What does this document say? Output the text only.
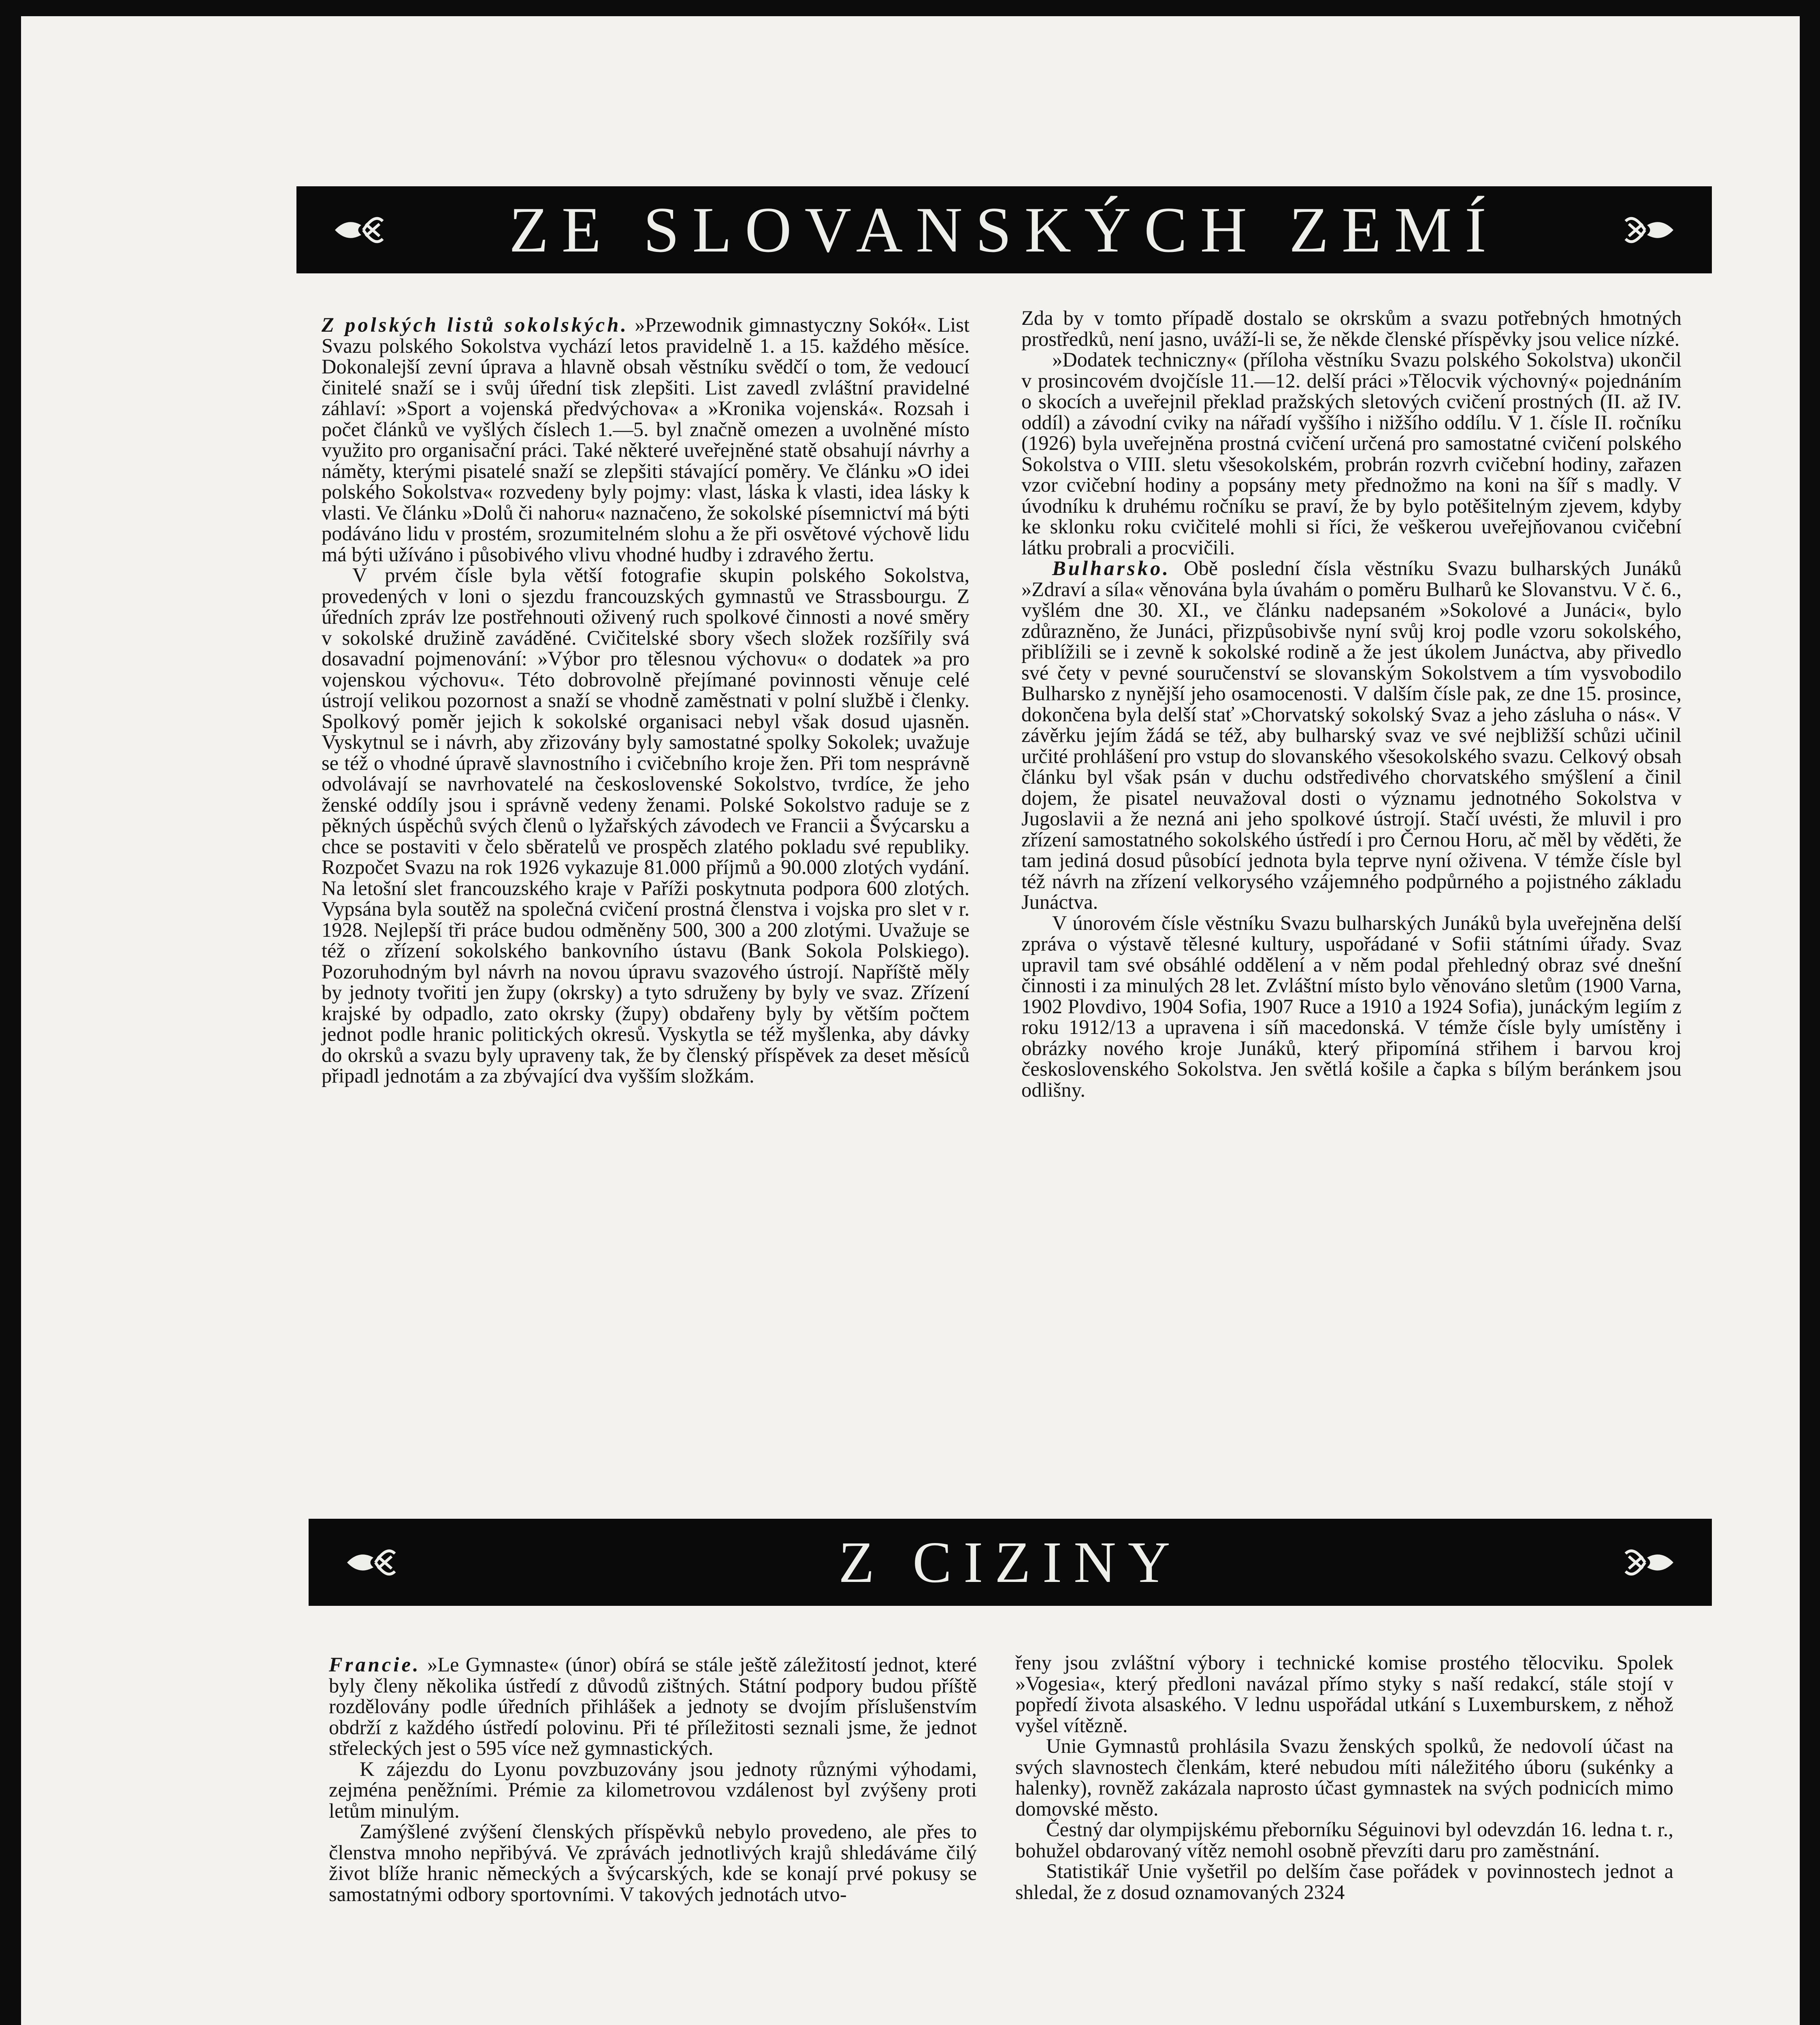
ZE SLOVANSKÝCH ZEMÍ

Z polských listů sokolských. »Przewodnik gimnastyczny Sokół«. List Svazu polského Sokolstva vychází letos pravidelně 1. a 15. každého měsíce. Dokonalejší zevní úprava a hlavně obsah věstníku svědčí o tom, že vedoucí činitelé snaží se i svůj úřední tisk zlepšiti. List zavedl zvláštní pravidelné záhlaví: »Sport a vojenská předvýchova« a »Kronika vojenská«. Rozsah i počet článků ve vyšlých číslech 1.—5. byl značně omezen a uvolněné místo využito pro organisační práci. Také některé uveřejněné statě obsahují návrhy a náměty, kterými pisatelé snaží se zlepšiti stávající poměry. Ve článku »O idei polského Sokolstva« rozvedeny byly pojmy: vlast, láska k vlasti, idea lásky k vlasti. Ve článku »Dolů či nahoru« naznačeno, že sokolské písemnictví má býti podáváno lidu v prostém, srozumitelném slohu a že při osvětové výchově lidu má býti užíváno i působivého vlivu vhodné hudby i zdravého žertu.

V prvém čísle byla větší fotografie skupin polského Sokolstva, provedených v loni o sjezdu francouzských gymnastů ve Strassbourgu. Z úředních zpráv lze postřehnouti oživený ruch spolkové činnosti a nové směry v sokolské družině zaváděné. Cvičitelské sbory všech složek rozšířily svá dosavadní pojmenování: »Výbor pro tělesnou výchovu« o dodatek »a pro vojenskou výchovu«. Této dobrovolně přejímané povinnosti věnuje celé ústrojí velikou pozornost a snaží se vhodně zaměstnati v polní službě i členky. Spolkový poměr jejich k sokolské organisaci nebyl však dosud ujasněn. Vyskytnul se i návrh, aby zřizovány byly samostatné spolky Sokolek; uvažuje se též o vhodné úpravě slavnostního i cvičebního kroje žen. Při tom nesprávně odvolávají se navrhovatelé na československé Sokolstvo, tvrdíce, že jeho ženské oddíly jsou i správně vedeny ženami. Polské Sokolstvo raduje se z pěkných úspěchů svých členů o lyžařských závodech ve Francii a Švýcarsku a chce se postaviti v čelo sběratelů ve prospěch zlatého pokladu své republiky. Rozpočet Svazu na rok 1926 vykazuje 81.000 příjmů a 90.000 zlotých vydání. Na letošní slet francouzského kraje v Paříži poskytnuta podpora 600 zlotých. Vypsána byla soutěž na společná cvičení prostná členstva i vojska pro slet v r. 1928. Nejlepší tři práce budou odměněny 500, 300 a 200 zlotými. Uvažuje se též o zřízení sokolského bankovního ústavu (Bank Sokola Polskiego). Pozoruhodným byl návrh na novou úpravu svazového ústrojí. Napříště měly by jednoty tvořiti jen župy (okrsky) a tyto sdruženy by byly ve svaz. Zřízení krajské by odpadlo, zato okrsky (župy) obdařeny byly by větším počtem jednot podle hranic politických okresů. Vyskytla se též myšlenka, aby dávky do okrsků a svazu byly upraveny tak, že by členský příspěvek za deset měsíců připadl jednotám a za zbývající dva vyšším složkám.

Zda by v tomto případě dostalo se okrskům a svazu potřebných hmotných prostředků, není jasno, uváží-li se, že někde členské příspěvky jsou velice nízké.

»Dodatek techniczny« (příloha věstníku Svazu polského Sokolstva) ukončil v prosincovém dvojčísle 11.—12. delší práci »Tělocvik výchovný« pojednáním o skocích a uveřejnil překlad pražských sletových cvičení prostných (II. až IV. oddíl) a závodní cviky na nářadí vyššího i nižšího oddílu. V 1. čísle II. ročníku (1926) byla uveřejněna prostná cvičení určená pro samostatné cvičení polského Sokolstva o VIII. sletu všesokolském, probrán rozvrh cvičební hodiny, zařazen vzor cvičební hodiny a popsány mety přednožmo na koni na šíř s madly. V úvodníku k druhému ročníku se praví, že by bylo potěšitelným zjevem, kdyby ke sklonku roku cvičitelé mohli si říci, že veškerou uveřejňovanou cvičební látku probrali a procvičili.

Bulharsko. Obě poslední čísla věstníku Svazu bulharských Junáků »Zdraví a síla« věnována byla úvahám o poměru Bulharů ke Slovanstvu. V č. 6., vyšlém dne 30. XI., ve článku nadepsaném »Sokolové a Junáci«, bylo zdůrazněno, že Junáci, přizpůsobivše nyní svůj kroj podle vzoru sokolského, přiblížili se i zevně k sokolské rodině a že jest úkolem Junáctva, aby přivedlo své čety v pevné souručenství se slovanským Sokolstvem a tím vysvobodilo Bulharsko z nynější jeho osamocenosti. V dalším čísle pak, ze dne 15. prosince, dokončena byla delší stať »Chorvatský sokolský Svaz a jeho zásluha o nás«. V závěrku jejím žádá se též, aby bulharský svaz ve své nejbližší schůzi učinil určité prohlášení pro vstup do slovanského všesokolského svazu. Celkový obsah článku byl však psán v duchu odstředivého chorvatského smýšlení a činil dojem, že pisatel neuvažoval dosti o významu jednotného Sokolstva v Jugoslavii a že nezná ani jeho spolkové ústrojí. Stačí uvésti, že mluvil i pro zřízení samostatného sokolského ústředí i pro Černou Horu, ač měl by věděti, že tam jediná dosud působící jednota byla teprve nyní oživena. V témže čísle byl též návrh na zřízení velkorysého vzájemného podpůrného a pojistného základu Junáctva.

V únorovém čísle věstníku Svazu bulharských Junáků byla uveřejněna delší zpráva o výstavě tělesné kultury, uspořádané v Sofii státními úřady. Svaz upravil tam své obsáhlé oddělení a v něm podal přehledný obraz své dnešní činnosti i za minulých 28 let. Zvláštní místo bylo věnováno sletům (1900 Varna, 1902 Plovdivo, 1904 Sofia, 1907 Ruce a 1910 a 1924 Sofia), junáckým legiím z roku 1912/13 a upravena i síň macedonská. V témže čísle byly umístěny i obrázky nového kroje Junáků, který připomíná střihem i barvou kroj československého Sokolstva. Jen světlá košile a čapka s bílým beránkem jsou odlišny.

Z CIZINY

Francie. »Le Gymnaste« (únor) obírá se stále ještě záležitostí jednot, které byly členy několika ústředí z důvodů zištných. Státní podpory budou příště rozdělovány podle úředních přihlášek a jednoty se dvojím příslušenstvím obdrží z každého ústředí polovinu. Při té příležitosti seznali jsme, že jednot střeleckých jest o 595 více než gymnastických.

K zájezdu do Lyonu povzbuzovány jsou jednoty různými výhodami, zejména peněžními. Prémie za kilometrovou vzdálenost byl zvýšeny proti letům minulým.

Zamýšlené zvýšení členských příspěvků nebylo provedeno, ale přes to členstva mnoho nepřibývá. Ve zprávách jednotlivých krajů shledáváme čilý život blíže hranic německých a švýcarských, kde se konají prvé pokusy se samostatnými odbory sportovními. V takových jednotách utvo-

řeny jsou zvláštní výbory i technické komise prostého tělocviku. Spolek »Vogesia«, který předloni navázal přímo styky s naší redakcí, stále stojí v popředí života alsaského. V lednu uspořádal utkání s Luxemburskem, z něhož vyšel vítězně.

Unie Gymnastů prohlásila Svazu ženských spolků, že nedovolí účast na svých slavnostech členkám, které nebudou míti náležitého úboru (sukénky a halenky), rovněž zakázala naprosto účast gymnastek na svých podnicích mimo domovské město.

Čestný dar olympijskému přeborníku Séguinovi byl odevzdán 16. ledna t. r., bohužel obdarovaný vítěz nemohl osobně převzíti daru pro zaměstnání.

Statistikář Unie vyšetřil po delším čase pořádek v povinnostech jednot a shledal, že z dosud oznamovaných 2324
